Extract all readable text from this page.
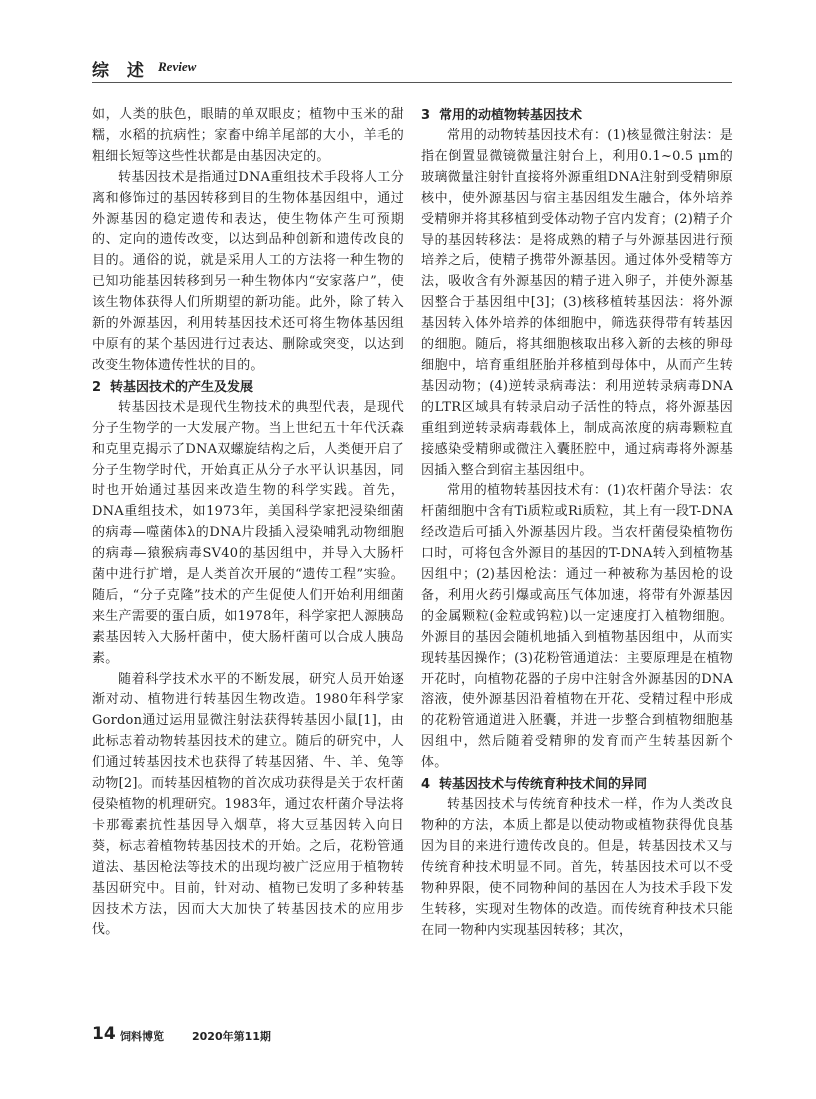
综 述 Review

如，人类的肤色，眼睛的单双眼皮；植物中玉米的甜糯，水稻的抗病性；家畜中绵羊尾部的大小，羊毛的粗细长短等这些性状都是由基因决定的。

转基因技术是指通过DNA重组技术手段将人工分离和修饰过的基因转移到目的生物体基因组中，通过外源基因的稳定遗传和表达，使生物体产生可预期的、定向的遗传改变，以达到品种创新和遗传改良的目的。通俗的说，就是采用人工的方法将一种生物的已知功能基因转移到另一种生物体内“安家落户”，使该生物体获得人们所期望的新功能。此外，除了转入新的外源基因，利用转基因技术还可将生物体基因组中原有的某个基因进行过表达、删除或突变，以达到改变生物体遗传性状的目的。

2 转基因技术的产生及发展

转基因技术是现代生物技术的典型代表，是现代分子生物学的一大发展产物。当上世纪五十年代沃森和克里克揭示了DNA双螺旋结构之后，人类便开启了分子生物学时代，开始真正从分子水平认识基因，同时也开始通过基因来改造生物的科学实践。首先，DNA重组技术，如1973年，美国科学家把浸染细菌的病毒—噬菌体λ的DNA片段插入浸染哺乳动物细胞的病毒—猿猴病毒SV40的基因组中，并导入大肠杆菌中进行扩增，是人类首次开展的“遗传工程”实验。随后，“分子克隆”技术的产生促使人们开始利用细菌来生产需要的蛋白质，如1978年，科学家把人源胰岛素基因转入大肠杆菌中，使大肠杆菌可以合成人胰岛素。

随着科学技术水平的不断发展，研究人员开始逐渐对动、植物进行转基因生物改造。1980年科学家Gordon通过运用显微注射法获得转基因小鼠[1]，由此标志着动物转基因技术的建立。随后的研究中，人们通过转基因技术也获得了转基因猪、牛、羊、兔等动物[2]。而转基因植物的首次成功获得是关于农杆菌侵染植物的机理研究。1983年，通过农杆菌介导法将卡那霉素抗性基因导入烟草，将大豆基因转入向日葵，标志着植物转基因技术的开始。之后，花粉管通道法、基因枪法等技术的出现均被广泛应用于植物转基因研究中。目前，针对动、植物已发明了多种转基因技术方法，因而大大加快了转基因技术的应用步伐。

3 常用的动植物转基因技术

常用的动物转基因技术有：(1)核显微注射法：是指在倒置显微镜微量注射台上，利用0.1~0.5 μm的玻璃微量注射针直接将外源重组DNA注射到受精卵原核中，使外源基因与宿主基因组发生融合，体外培养受精卵并将其移植到受体动物子宫内发育；(2)精子介导的基因转移法：是将成熟的精子与外源基因进行预培养之后，使精子携带外源基因。通过体外受精等方法，吸收含有外源基因的精子进入卵子，并使外源基因整合于基因组中[3]；(3)核移植转基因法：将外源基因转入体外培养的体细胞中，筛选获得带有转基因的细胞。随后，将其细胞核取出移入新的去核的卵母细胞中，培育重组胚胎并移植到母体中，从而产生转基因动物；(4)逆转录病毒法：利用逆转录病毒DNA的LTR区域具有转录启动子活性的特点，将外源基因重组到逆转录病毒载体上，制成高浓度的病毒颗粒直接感染受精卵或微注入囊胚腔中，通过病毒将外源基因插入整合到宿主基因组中。

常用的植物转基因技术有：(1)农杆菌介导法：农杆菌细胞中含有Ti质粒或Ri质粒，其上有一段T-DNA经改造后可插入外源基因片段。当农杆菌侵染植物伤口时，可将包含外源目的基因的T-DNA转入到植物基因组中；(2)基因枪法：通过一种被称为基因枪的设备，利用火药引爆或高压气体加速，将带有外源基因的金属颗粒(金粒或钨粒)以一定速度打入植物细胞。外源目的基因会随机地插入到植物基因组中，从而实现转基因操作；(3)花粉管通道法：主要原理是在植物开花时，向植物花器的子房中注射含外源基因的DNA溶液，使外源基因沿着植物在开花、受精过程中形成的花粉管通道进入胚囊，并进一步整合到植物细胞基因组中，然后随着受精卵的发育而产生转基因新个体。

4 转基因技术与传统育种技术间的异同

转基因技术与传统育种技术一样，作为人类改良物种的方法，本质上都是以使动物或植物获得优良基因为目的来进行遗传改良的。但是，转基因技术又与传统育种技术明显不同。首先，转基因技术可以不受物种界限，使不同物种间的基因在人为技术手段下发生转移，实现对生物体的改造。而传统育种技术只能在同一物种内实现基因转移；其次，

14 饲料博览	2020年第11期
